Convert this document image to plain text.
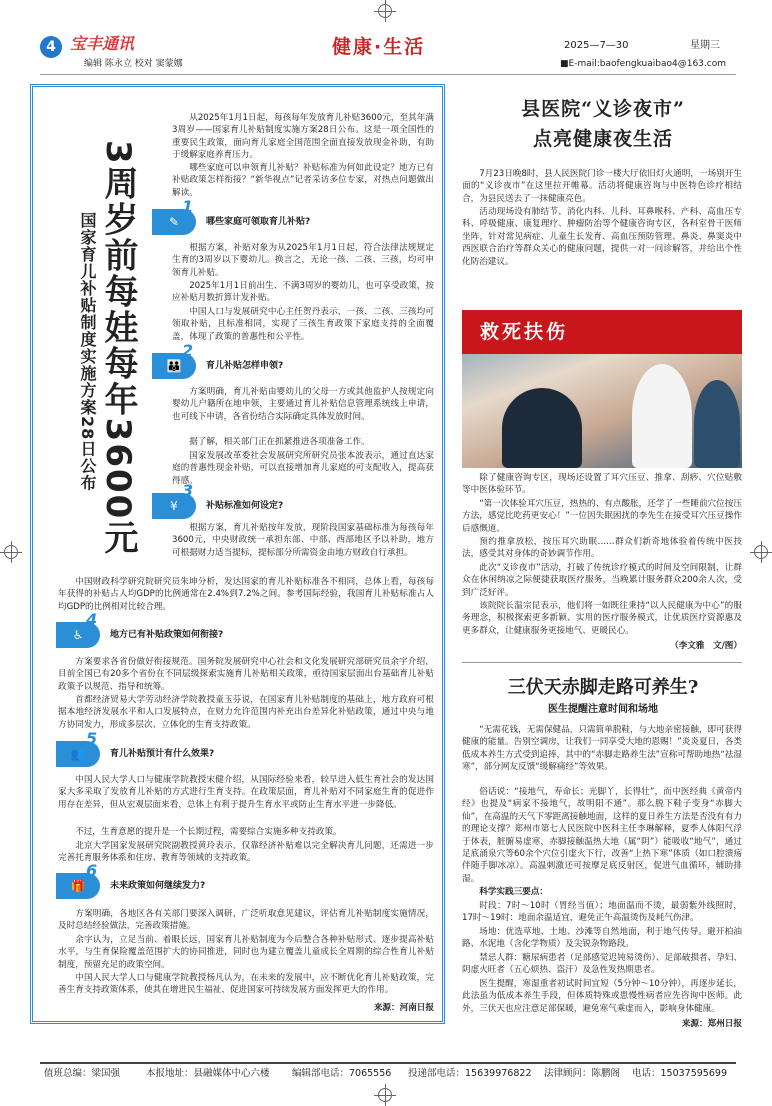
4 宝丰通讯
编辑 陈永立 校对 窦蒙娜
健康·生活	2025—7—30	星期三
■E-mail:baofengkuaibao4@163.com
3周岁前每娃每年3600元
国家育儿补贴制度实施方案28日公布
从2025年1月1日起，每孩每年发放育儿补贴3600元，至其年满3周岁——国家育儿补贴制度实施方案28日公布。这是一项全国性的重要民生政策，面向育儿家庭全国范围全面直接发放现金补助，有助于缓解家庭养育压力。
哪些家庭可以申领育儿补贴？补贴标准为何如此设定？地方已有补贴政策怎样衔接？“新华视点”记者采访多位专家，对热点问题做出解读。
✎
1
哪些家庭可领取育儿补贴?
根据方案，补贴对象为从2025年1月1日起，符合法律法规规定生育的3周岁以下婴幼儿。换言之，无论一孩、二孩、三孩，均可申领育儿补贴。
2025年1月1日前出生、不满3周岁的婴幼儿，也可享受政策，按应补贴月数折算计发补贴。
中国人口与发展研究中心主任贺丹表示，一孩、二孩、三孩均可领取补贴，且标准相同，实现了三孩生育政策下家庭支持的全面覆盖，体现了政策的普惠性和公平性。
👪
2
育儿补贴怎样申领?
方案明确，育儿补贴由婴幼儿的父母一方或其他监护人按规定向婴幼儿户籍所在地申领，主要通过育儿补贴信息管理系统线上申请，也可线下申请，各省份结合实际确定具体发放时间。
据了解，相关部门正在抓紧推进各项准备工作。
国家发展改革委社会发展研究所研究员张本波表示，通过直达家庭的普惠性现金补贴，可以直接增加育儿家庭的可支配收入，提高获得感。
¥
3
补贴标准如何设定?
根据方案，育儿补贴按年发放，现阶段国家基础标准为每孩每年3600元，中央财政统一承担东部、中部、西部地区予以补助，地方可根据财力适当提标，提标部分所需资金由地方财政自行承担。
中国财政科学研究院研究员朱坤分析，发达国家的育儿补贴标准各不相同，总体上看，每孩每年获得的补贴占人均GDP的比例通常在2.4%到7.2%之间。参考国际经验，我国育儿补贴标准占人均GDP的比例相对比较合理。
♿
4
地方已有补贴政策如何衔接?
方案要求各省份做好衔接规范。国务院发展研究中心社会和文化发展研究部研究员余宇介绍，目前全国已有20多个省份在不同层级探索实施育儿补贴相关政策，亟待国家层面出台基础育儿补贴政策予以规范、指导和统筹。
首都经济贸易大学劳动经济学院教授童玉芬说，在国家育儿补贴制度的基础上，地方政府可根据本地经济发展水平和人口发展特点，在财力允许范围内补充出台差异化补贴政策，通过中央与地方协同发力，形成多层次、立体化的生育支持政策。
👥
5
育儿补贴预计有什么效果?
中国人民大学人口与健康学院教授宋健介绍，从国际经验来看，较早进入低生育社会的发达国家大多采取了发放育儿补贴的方式进行生育支持。在政策层面，育儿补贴对不同家庭生育的促进作用存在差异，但从宏观层面来看，总体上有利于提升生育水平或防止生育水平进一步降低。
不过，生育意愿的提升是一个长期过程，需要综合实施多种支持政策。
北京大学国家发展研究院副教授黄玲表示，仅靠经济补贴难以完全解决育儿问题，还需进一步完善托育服务体系和住房、教育等领域的支持政策。
🎁
6
未来政策如何继续发力?
方案明确，各地区各有关部门要深入调研，广泛听取意见建议，评估育儿补贴制度实施情况，及时总结经验做法，完善政策措施。
余宇认为，立足当前、着眼长远，国家育儿补贴制度为今后整合各种补贴形式、逐步提高补贴水平，与生育保险覆盖范围扩大的协同推进，同时也为建立覆盖儿童成长全周期的综合性育儿补贴制度，预留充足的政策空间。
中国人民大学人口与健康学院教授杨凡认为，在未来的发展中，应不断优化育儿补贴政策，完善生育支持政策体系，使其在增进民生福祉、促进国家可持续发展方面发挥更大的作用。
来源：河南日报
县医院“义诊夜市”
点亮健康夜生活
7月23日晚8时，县人民医院门诊一楼大厅依旧灯火通明，一场别开生面的“义诊夜市”在这里拉开帷幕。活动将健康咨询与中医特色诊疗相结合，为县民送去了一抹健康亮色。
活动现场设有肺结节、消化内科、儿科、耳鼻喉科、产科、高血压专科、呼吸健康、康复理疗、肿瘤防治等个健康咨询专区，各科室骨干医师坐阵，针对常见病症、儿童生长发育、高血压预防管理、鼻炎、鼻窦炎中西医联合治疗等群众关心的健康问题，提供一对一问诊解答，并给出个性化防治建议。
救死扶伤
除了健康咨询专区，现场还设置了耳穴压豆、推拿、刮痧、穴位贴敷等中医体验环节。
“第一次体验耳穴压豆，热热的、有点酸胀，还学了一些睡前穴位按压方法，感觉比吃药更安心！”一位因失眠困扰的李先生在接受耳穴压豆操作后感慨道。
预约推拿放松，按压耳穴助眠……群众们新奇地体验着传统中医技法，感受其对身体的奇妙调节作用。
此次“义诊夜市”活动，打破了传统诊疗模式的时间及空间限制，让群众在休闲纳凉之际便捷获取医疗服务，当晚累计服务群众200余人次，受到广泛好评。
该院院长温宗昆表示，他们将一如既往秉持“以人民健康为中心”的服务理念，积极探索更多新颖、实用的医疗服务模式，让优质医疗资源惠及更多群众，让健康服务更接地气、更暖民心。
（李文雅　文/图）
三伏天赤脚走路可养生?
医生提醒注意时间和场地
“无需花钱，无需保健品，只需简单脱鞋，与大地亲密接触，即可获得健康的能量。告别空调房，让我们一同享受大地的恩赐！”炎炎夏日，各类低成本养生方式受到追捧，其中的“赤脚走路养生法”宣称可帮助地热“祛湿寒”，部分网友反馈“缓解痛经”等效果。
俗话说：“接地气，寿命长；光脚丫，长得壮”，而中医经典《黄帝内经》也提及“病家不接地气，故明阳不通”。那么脱下鞋子变身“赤脚大仙”，在高温的天气下零距离接触地面，这样的夏日养生方法是否没有有力的理论支撑？郑州市第七人民医院中医科主任李琳解释，夏季人体阳气浮于体表，脏腑易虚寒，赤脚接触温热大地（属“阴”）能吸收“地气”，通过足底涌泉穴等60余个穴位引虚火下行，改善“上热下寒”体质（如口腔溃疡伴随手脚冰凉）。高温刺激还可按摩足底反射区，促进气血循环，辅助排湿。
科学实践三要点：
时段：7时～10时（胃经当值）；地面温而不烫，最弱紫外线照时，17时～19时：地面余温适宜，避免正午高温烫伤及耗气伤津。
场地：优选草地、土地、沙滩等自然地面，利于地气传导。避开柏油路、水泥地（含化学物质）及尖锐杂物路段。
禁忌人群：糖尿病患者（足部感觉迟钝易烫伤）、足部破损者、孕妇、阴虚火旺者（五心烦热、盗汗）及急性发热期患者。
医生提醒，寒湿重者初试时间宜短（5分钟～10分钟），再逐步延长，此法虽为低成本养生手段，但体质特殊或患慢性病者应先咨询中医师。此外，三伏天也应注意足部保暖，避免寒气乘虚而入，影响身体健康。
来源：郑州日报
值班总编：梁国强	本报地址：县融媒体中心六楼 编辑部电话：7065556 投递部电话：15639976822 法律顾问：陈鹏阁 电话：15037595699
